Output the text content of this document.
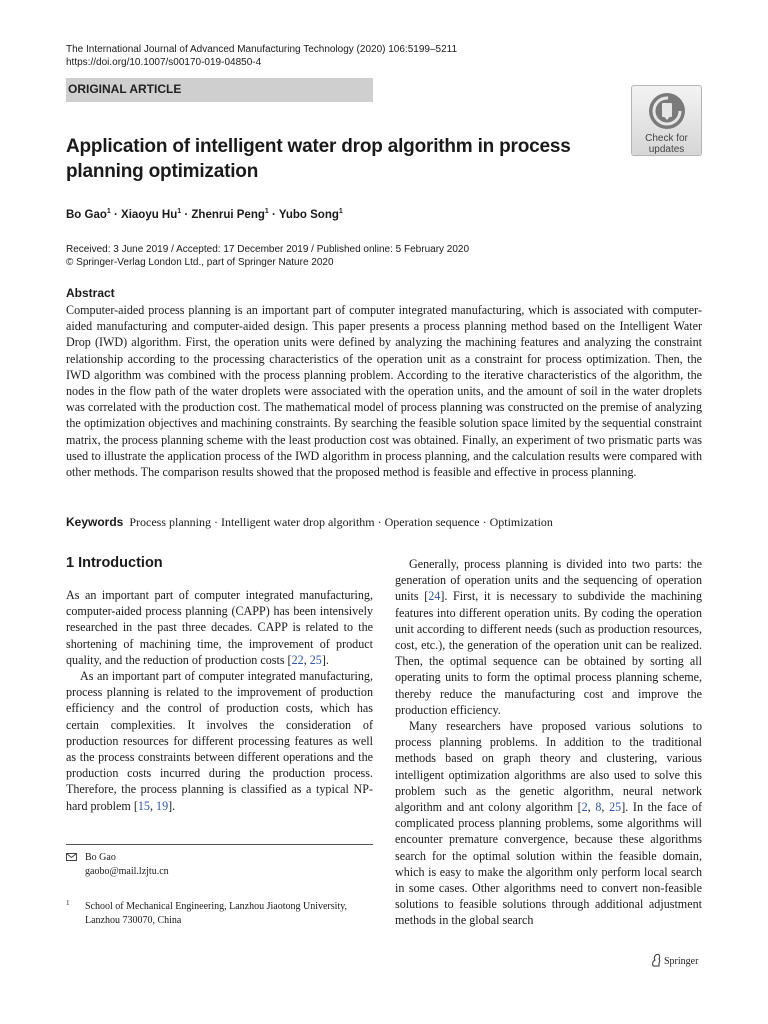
The International Journal of Advanced Manufacturing Technology (2020) 106:5199–5211
https://doi.org/10.1007/s00170-019-04850-4
ORIGINAL ARTICLE
Check for
updates
Application of intelligent water drop algorithm in process planning optimization
Bo Gao$^1$ · Xiaoyu $Hu^1$ · Zhenrui Peng$^1$ · Yubo Song$^1$
Received: 3 June 2019 / Accepted: 17 December 2019 / Published online: 5 February 2020
© Springer-Verlag London Ltd., part of Springer Nature 2020
Abstract

Computer-aided process planning is an important part of computer integrated manufacturing, which is associated with computer-aided manufacturing and computer-aided design. This paper presents a process planning method based on the Intelligent Water Drop (IWD) algorithm. First, the operation units were defined by analyzing the machining features and analyzing the constraint relationship according to the processing characteristics of the operation unit as a constraint for process optimization. Then, the IWD algorithm was combined with the process planning problem. According to the iterative characteristics of the algorithm, the nodes in the flow path of the water droplets were associated with the operation units, and the amount of soil in the water droplets was correlated with the production cost. The mathematical model of process planning was constructed on the premise of analyzing the optimization objectives and machining constraints. By searching the feasible solution space limited by the sequential constraint matrix, the process planning scheme with the least production cost was obtained. Finally, an experiment of two prismatic parts was used to illustrate the application process of the IWD algorithm in process planning, and the calculation results were compared with other methods. The comparison results showed that the proposed method is feasible and effective in process planning.

Keywords Process planning · Intelligent water drop algorithm · Operation sequence · Optimization
1 Introduction

As an important part of computer integrated manufacturing, computer-aided process planning (CAPP) has been intensively researched in the past three decades. CAPP is related to the shortening of machining time, the improvement of product quality, and the reduction of production costs [22, 25].

As an important part of computer integrated manufacturing, process planning is related to the improvement of production efficiency and the control of production costs, which has certain complexities. It involves the consideration of production resources for different processing features as well as the process constraints between different operations and the production costs incurred during the production process. Therefore, the process planning is classified as a typical NP-hard problem [15, 19].

Generally, process planning is divided into two parts: the generation of operation units and the sequencing of operation units [24]. First, it is necessary to subdivide the machining features into different operation units. By coding the operation unit according to different needs (such as production resources, cost, etc.), the generation of the operation unit can be realized. Then, the optimal sequence can be obtained by sorting all operating units to form the optimal process planning scheme, thereby reduce the manufacturing cost and improve the production efficiency.

Many researchers have proposed various solutions to process planning problems. In addition to the traditional methods based on graph theory and clustering, various intelligent optimization algorithms are also used to solve this problem such as the genetic algorithm, neural network algorithm and ant colony algorithm [2, 8, 25]. In the face of complicated process planning problems, some algorithms will encounter premature convergence, because these algorithms search for the optimal solution within the feasible domain, which is easy to make the algorithm only perform local search in some cases. Other algorithms need to convert non-feasible solutions to feasible solutions through additional adjustment methods in the global search

Bo Gao
gaobo@mail.lzjtu.cn
1 School of Mechanical Engineering, Lanzhou Jiaotong University, Lanzhou 730070, China
Springer
